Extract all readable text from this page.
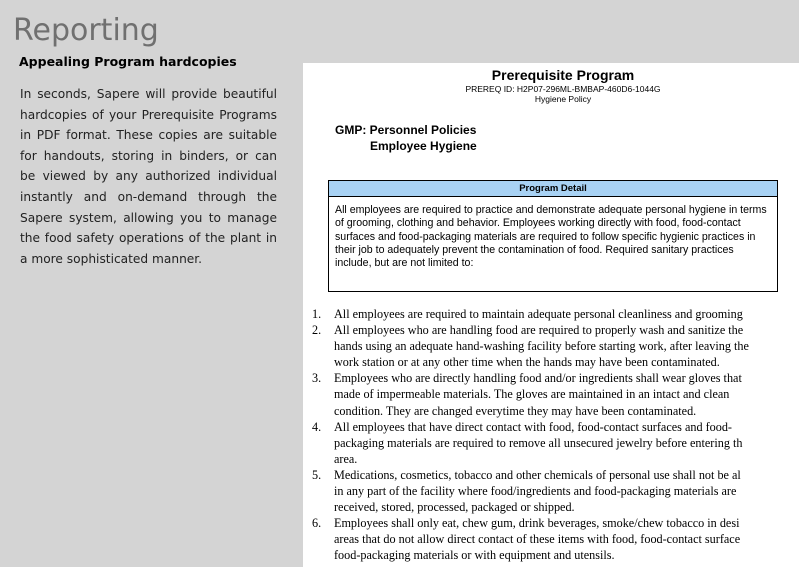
Reporting
Appealing Program hardcopies

In seconds, Sapere will provide beautiful hardcopies of your Prerequisite Programs in PDF format. These copies are suitable for handouts, storing in binders, or can be viewed by any authorized individual instantly and on-demand through the Sapere system, allowing you to manage the food safety operations of the plant in a more sophisticated manner.

Prerequisite Program
PREREQ ID: H2P07-296ML-BMBAP-460D6-1044G
Hygiene Policy
GMP: Personnel Policies
Employee Hygiene
Program Detail

All employees are required to practice and demonstrate adequate personal hygiene in terms of grooming, clothing and behavior. Employees working directly with food, food-contact surfaces and food-packaging materials are required to follow specific hygienic practices in their job to adequately prevent the contamination of food. Required sanitary practices include, but are not limited to:

1. All employees are required to maintain adequate personal cleanliness and grooming
2. All employees who are handling food are required to properly wash and sanitize the
hands using an adequate hand-washing facility before starting work, after leaving the
work station or at any other time when the hands may have been contaminated.
3. Employees who are directly handling food and/or ingredients shall wear gloves that
made of impermeable materials. The gloves are maintained in an intact and clean
condition. They are changed everytime they may have been contaminated.
4. All employees that have direct contact with food, food-contact surfaces and food-
packaging materials are required to remove all unsecured jewelry before entering th
area.
5. Medications, cosmetics, tobacco and other chemicals of personal use shall not be al
in any part of the facility where food/ingredients and food-packaging materials are
received, stored, processed, packaged or shipped.
6. Employees shall only eat, chew gum, drink beverages, smoke/chew tobacco in desi
areas that do not allow direct contact of these items with food, food-contact surface
food-packaging materials or with equipment and utensils.
